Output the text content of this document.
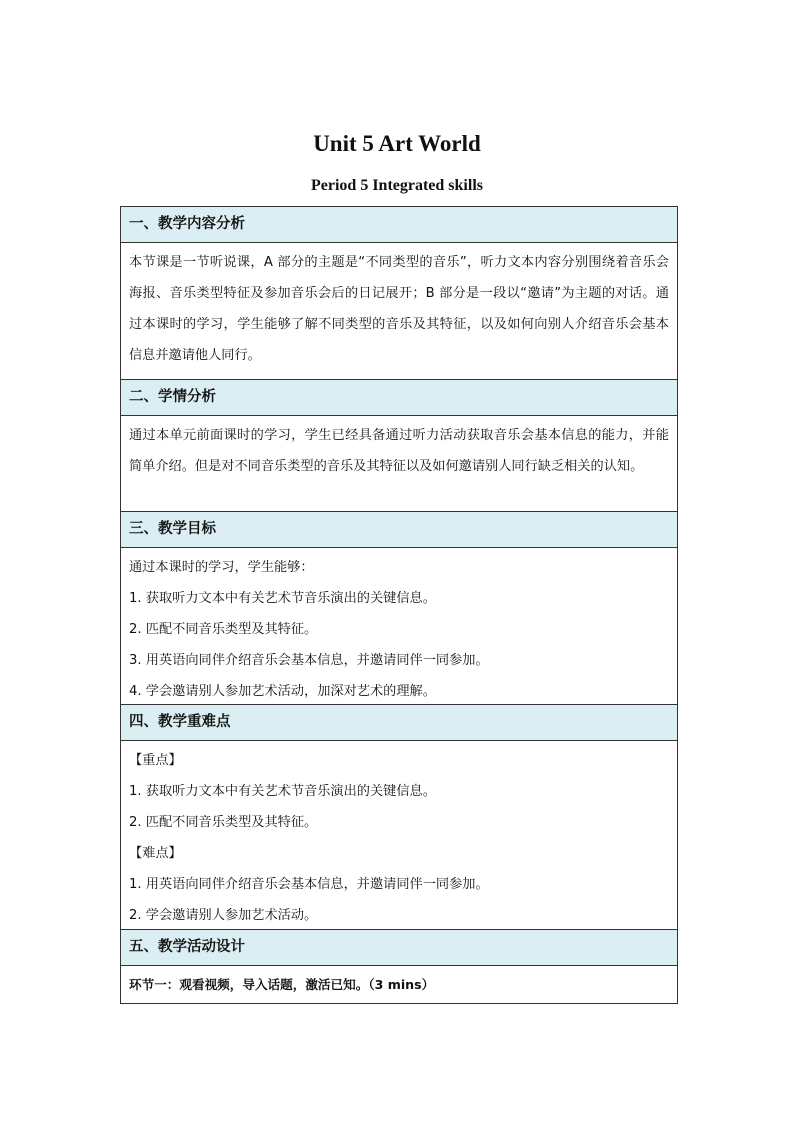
Unit 5 Art World
Period 5 Integrated skills
一、教学内容分析

本节课是一节听说课，A 部分的主题是“不同类型的音乐”，听力文本内容分别围绕着音乐会海报、音乐类型特征及参加音乐会后的日记展开；B 部分是一段以“邀请”为主题的对话。通过本课时的学习，学生能够了解不同类型的音乐及其特征，以及如何向别人介绍音乐会基本信息并邀请他人同行。

二、学情分析

通过本单元前面课时的学习，学生已经具备通过听力活动获取音乐会基本信息的能力，并能简单介绍。但是对不同音乐类型的音乐及其特征以及如何邀请别人同行缺乏相关的认知。

三、教学目标

通过本课时的学习，学生能够：

1. 获取听力文本中有关艺术节音乐演出的关键信息。

2. 匹配不同音乐类型及其特征。

3. 用英语向同伴介绍音乐会基本信息，并邀请同伴一同参加。

4. 学会邀请别人参加艺术活动，加深对艺术的理解。

四、教学重难点

【重点】

1. 获取听力文本中有关艺术节音乐演出的关键信息。

2. 匹配不同音乐类型及其特征。

【难点】

1. 用英语向同伴介绍音乐会基本信息，并邀请同伴一同参加。

2. 学会邀请别人参加艺术活动。

五、教学活动设计

环节一：观看视频，导入话题，激活已知。（3 mins）
